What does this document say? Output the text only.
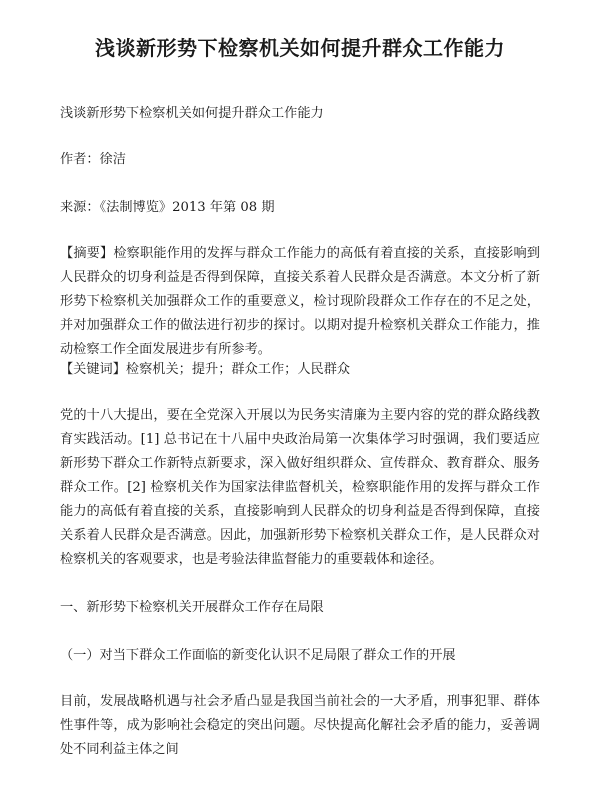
浅谈新形势下检察机关如何提升群众工作能力
浅谈新形势下检察机关如何提升群众工作能力
作者：徐洁
来源：《法制博览》2013 年第 08 期
【摘要】检察职能作用的发挥与群众工作能力的高低有着直接的关系，直接影响到人民群众的切身利益是否得到保障，直接关系着人民群众是否满意。本文分析了新形势下检察机关加强群众工作的重要意义，检讨现阶段群众工作存在的不足之处，并对加强群众工作的做法进行初步的探讨。以期对提升检察机关群众工作能力，推动检察工作全面发展进步有所参考。
【关键词】检察机关；提升；群众工作；人民群众
党的十八大提出，要在全党深入开展以为民务实清廉为主要内容的党的群众路线教育实践活动。[1] 总书记在十八届中央政治局第一次集体学习时强调，我们要适应新形势下群众工作新特点新要求，深入做好组织群众、宣传群众、教育群众、服务群众工作。[2] 检察机关作为国家法律监督机关，检察职能作用的发挥与群众工作能力的高低有着直接的关系，直接影响到人民群众的切身利益是否得到保障，直接关系着人民群众是否满意。因此，加强新形势下检察机关群众工作，是人民群众对检察机关的客观要求，也是考验法律监督能力的重要载体和途径。
一、新形势下检察机关开展群众工作存在局限
（一）对当下群众工作面临的新变化认识不足局限了群众工作的开展
目前，发展战略机遇与社会矛盾凸显是我国当前社会的一大矛盾，刑事犯罪、群体性事件等，成为影响社会稳定的突出问题。尽快提高化解社会矛盾的能力，妥善调处不同利益主体之间
